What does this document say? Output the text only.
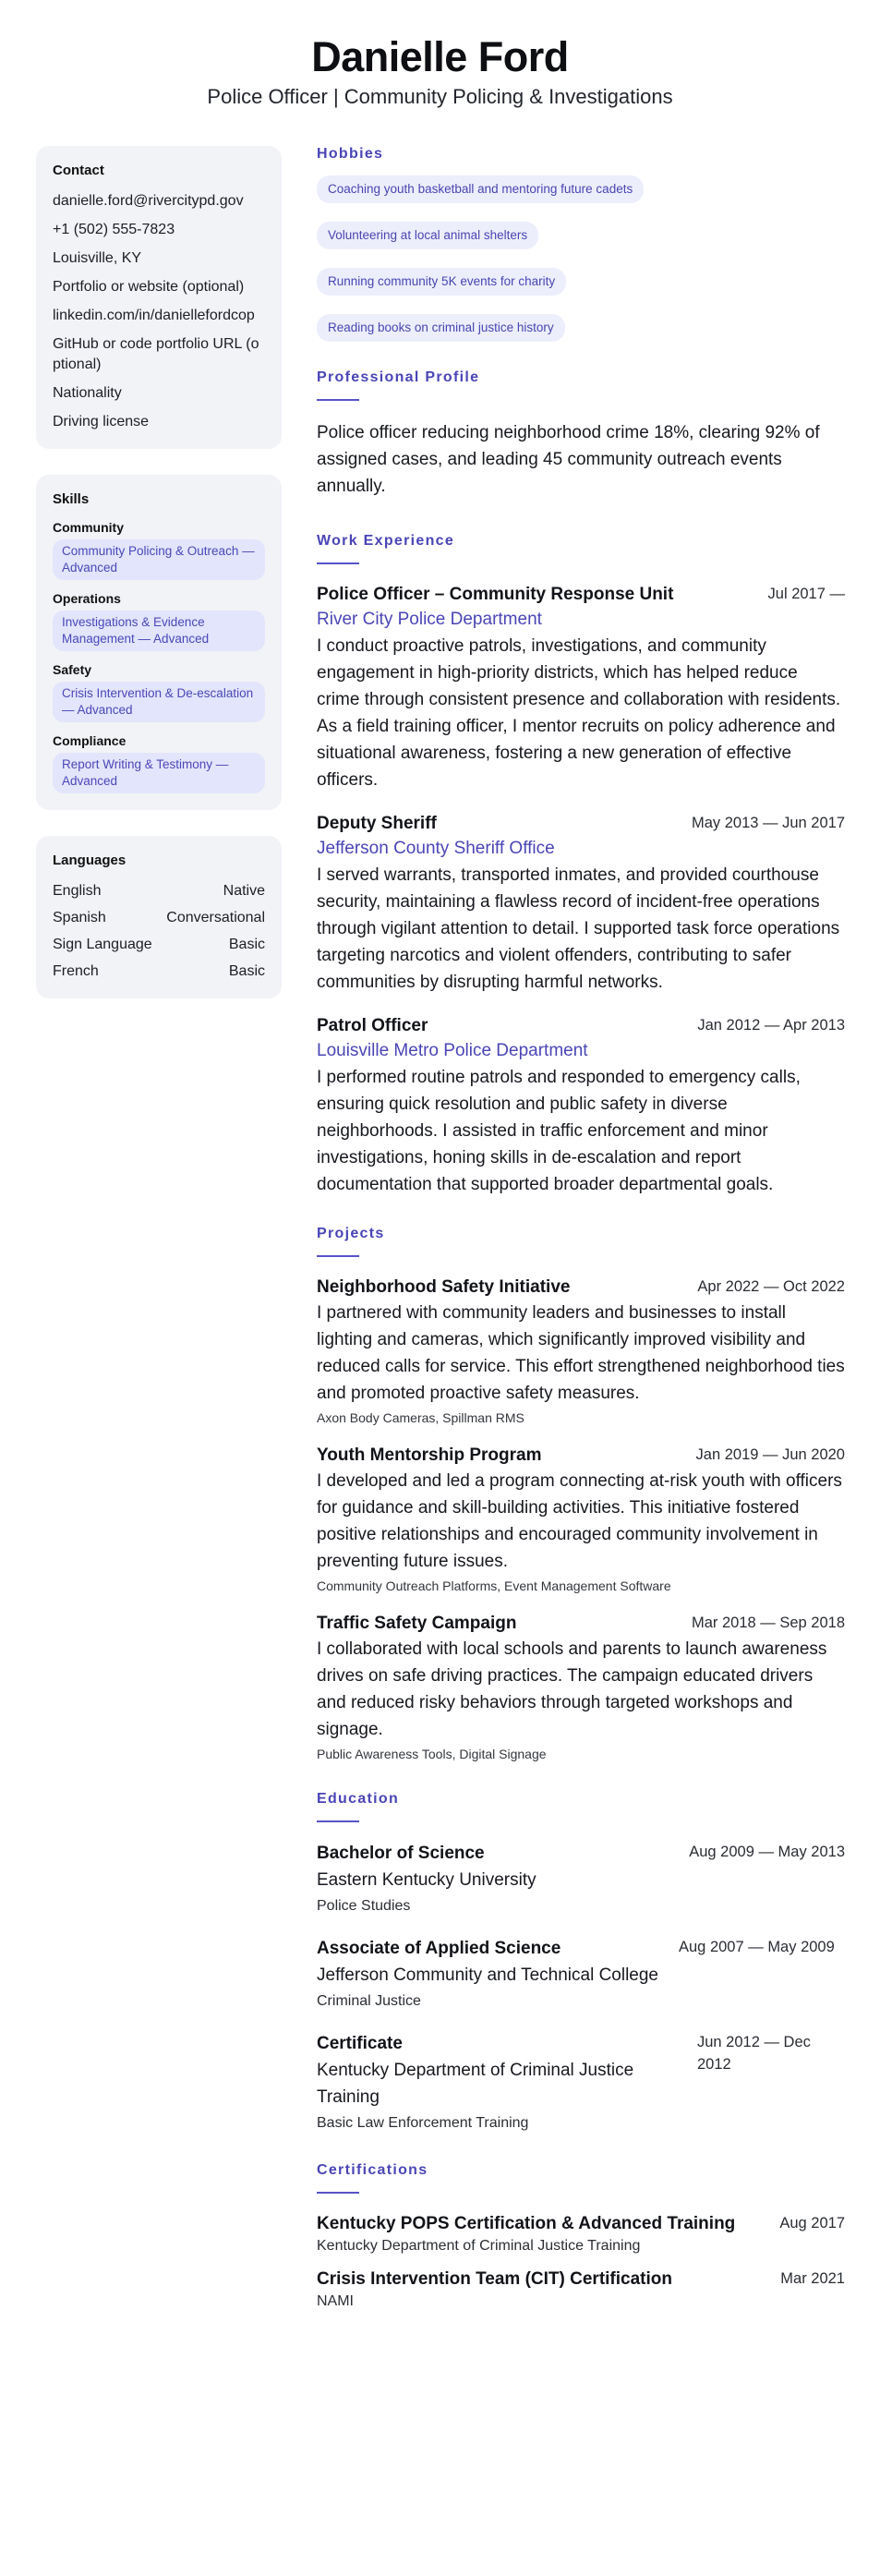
Danielle Ford
Police Officer | Community Policing & Investigations
Contact
danielle.ford@rivercitypd.gov
+1 (502) 555-7823
Louisville, KY
Portfolio or website (optional)
linkedin.com/in/daniellefordcop
GitHub or code portfolio URL (optional)
Nationality
Driving license
Skills
Community
Community Policing & Outreach — Advanced
Operations
Investigations & Evidence Management — Advanced
Safety
Crisis Intervention & De-escalation — Advanced
Compliance
Report Writing & Testimony — Advanced
Languages
English	Native
Spanish	Conversational
Sign Language	Basic
French	Basic
Hobbies
Coaching youth basketball and mentoring future cadets
Volunteering at local animal shelters
Running community 5K events for charity
Reading books on criminal justice history
Professional Profile

Police officer reducing neighborhood crime 18%, clearing 92% of assigned cases, and leading 45 community outreach events annually.

Work Experience
Police Officer – Community Response Unit	Jul 2017 —
River City Police Department

I conduct proactive patrols, investigations, and community engagement in high-priority districts, which has helped reduce crime through consistent presence and collaboration with residents. As a field training officer, I mentor recruits on policy adherence and situational awareness, fostering a new generation of effective officers.

Deputy Sheriff	May 2013 — Jun 2017
Jefferson County Sheriff Office

I served warrants, transported inmates, and provided courthouse security, maintaining a flawless record of incident-free operations through vigilant attention to detail. I supported task force operations targeting narcotics and violent offenders, contributing to safer communities by disrupting harmful networks.

Patrol Officer	Jan 2012 — Apr 2013
Louisville Metro Police Department

I performed routine patrols and responded to emergency calls, ensuring quick resolution and public safety in diverse neighborhoods. I assisted in traffic enforcement and minor investigations, honing skills in de-escalation and report documentation that supported broader departmental goals.

Projects
Neighborhood Safety Initiative	Apr 2022 — Oct 2022

I partnered with community leaders and businesses to install lighting and cameras, which significantly improved visibility and reduced calls for service. This effort strengthened neighborhood ties and promoted proactive safety measures.

Axon Body Cameras, Spillman RMS
Youth Mentorship Program	Jan 2019 — Jun 2020

I developed and led a program connecting at-risk youth with officers for guidance and skill-building activities. This initiative fostered positive relationships and encouraged community involvement in preventing future issues.

Community Outreach Platforms, Event Management Software
Traffic Safety Campaign	Mar 2018 — Sep 2018

I collaborated with local schools and parents to launch awareness drives on safe driving practices. The campaign educated drivers and reduced risky behaviors through targeted workshops and signage.

Public Awareness Tools, Digital Signage
Education
Bachelor of Science
Eastern Kentucky University
Police Studies
Aug 2009 — May 2013
Associate of Applied Science
Jefferson Community and Technical College
Criminal Justice
Aug 2007 — May 2009
Certificate
Kentucky Department of Criminal Justice Training
Basic Law Enforcement Training
Jun 2012 — Dec 2012
Certifications
Kentucky POPS Certification & Advanced Training	Aug 2017
Kentucky Department of Criminal Justice Training
Crisis Intervention Team (CIT) Certification	Mar 2021
NAMI
